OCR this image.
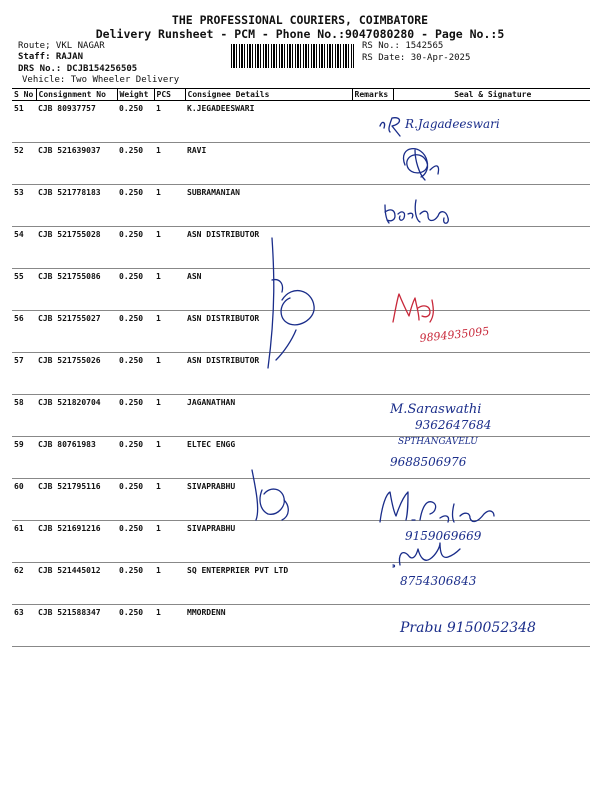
THE PROFESSIONAL COURIERS, COIMBATORE
Delivery Runsheet - PCM - Phone No.:9047080280 - Page No.:5
Route; VKL NAGAR
Staff: RAJAN
DRS No.: DCJB154256505
Vehicle: Two Wheeler Delivery
RS No.: 1542565
RS Date: 30-Apr-2025
S No	Consignment No	Weight	PCS	Consignee Details	Remarks	Seal & Signature
51	CJB 80937757	0.250	1	K.JEGADEESWARI		
52	CJB 521639037	0.250	1	RAVI		
53	CJB 521778183	0.250	1	SUBRAMANIAN		
54	CJB 521755028	0.250	1	ASN DISTRIBUTOR		
55	CJB 521755086	0.250	1	ASN		
56	CJB 521755027	0.250	1	ASN DISTRIBUTOR		
57	CJB 521755026	0.250	1	ASN DISTRIBUTOR		
58	CJB 521820704	0.250	1	JAGANATHAN		
59	CJB 80761983	0.250	1	ELTEC ENGG		
60	CJB 521795116	0.250	1	SIVAPRABHU		
61	CJB 521691216	0.250	1	SIVAPRABHU		
62	CJB 521445012	0.250	1	SQ ENTERPRIER PVT LTD		
63	CJB 521588347	0.250	1	MMORDENN		
R.Jagadeeswari
9894935095
M.Saraswathi
9362647684
SPTHANGAVELU
9688506976
9159069669
8754306843
Prabu 9150052348
